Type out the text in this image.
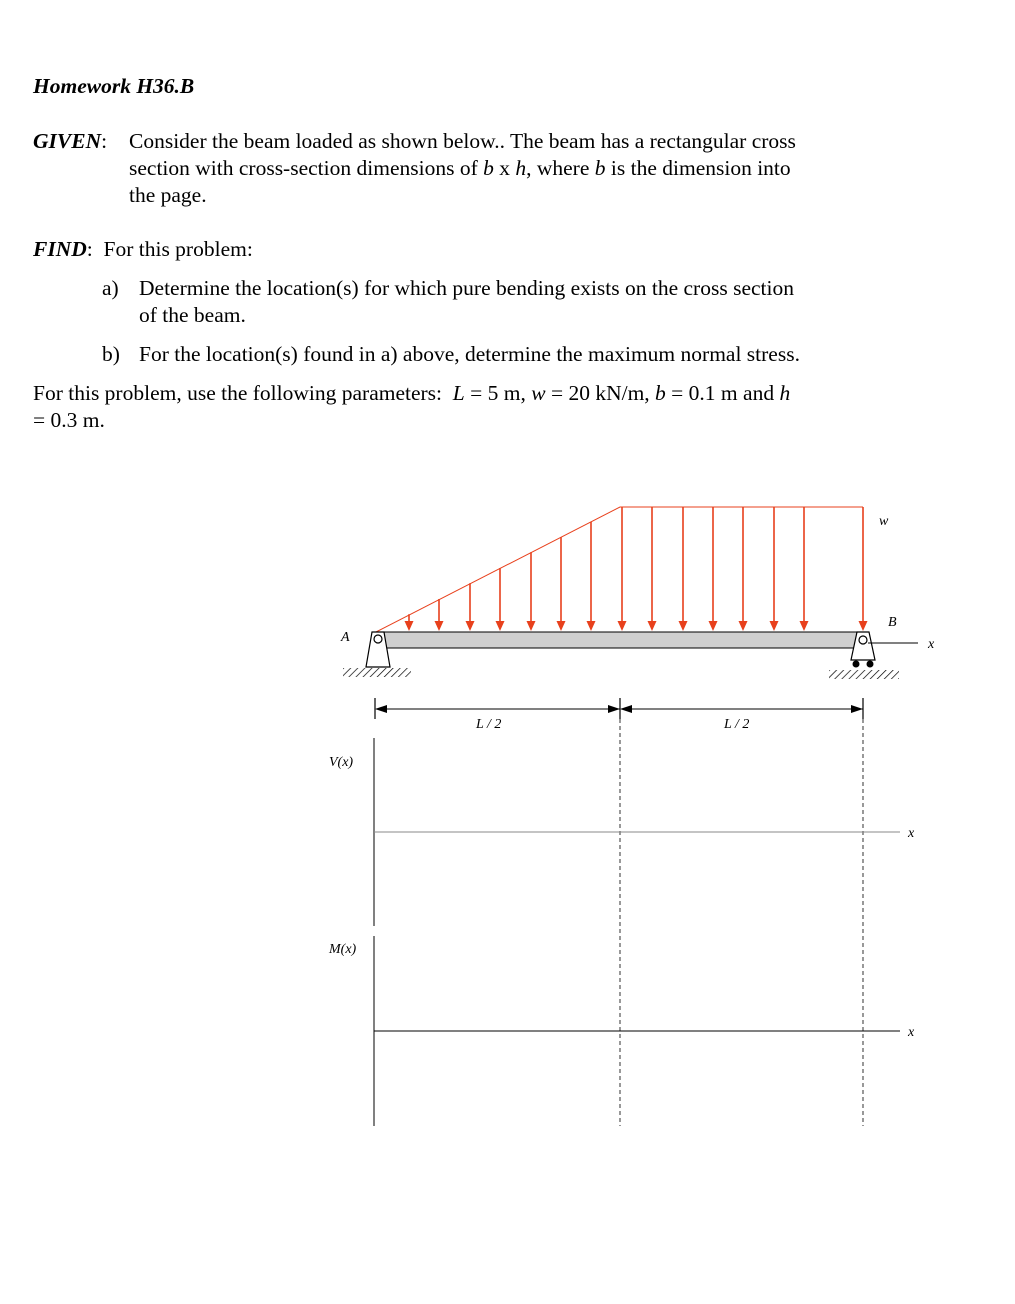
Homework H36.B
GIVEN: Consider the beam loaded as shown below.. The beam has a rectangular cross
section with cross-section dimensions of b x h, where b is the dimension into
the page.
FIND:  For this problem:
a) Determine the location(s) for which pure bending exists on the cross section
of the beam.
b) For the location(s) found in a) above, determine the maximum normal stress.
For this problem, use the following parameters:  L = 5 m, w = 20 kN/m, b = 0.1 m and h
= 0.3 m.
A
B
x
w
L / 2	L / 2
V(x)
x
M(x)
x
